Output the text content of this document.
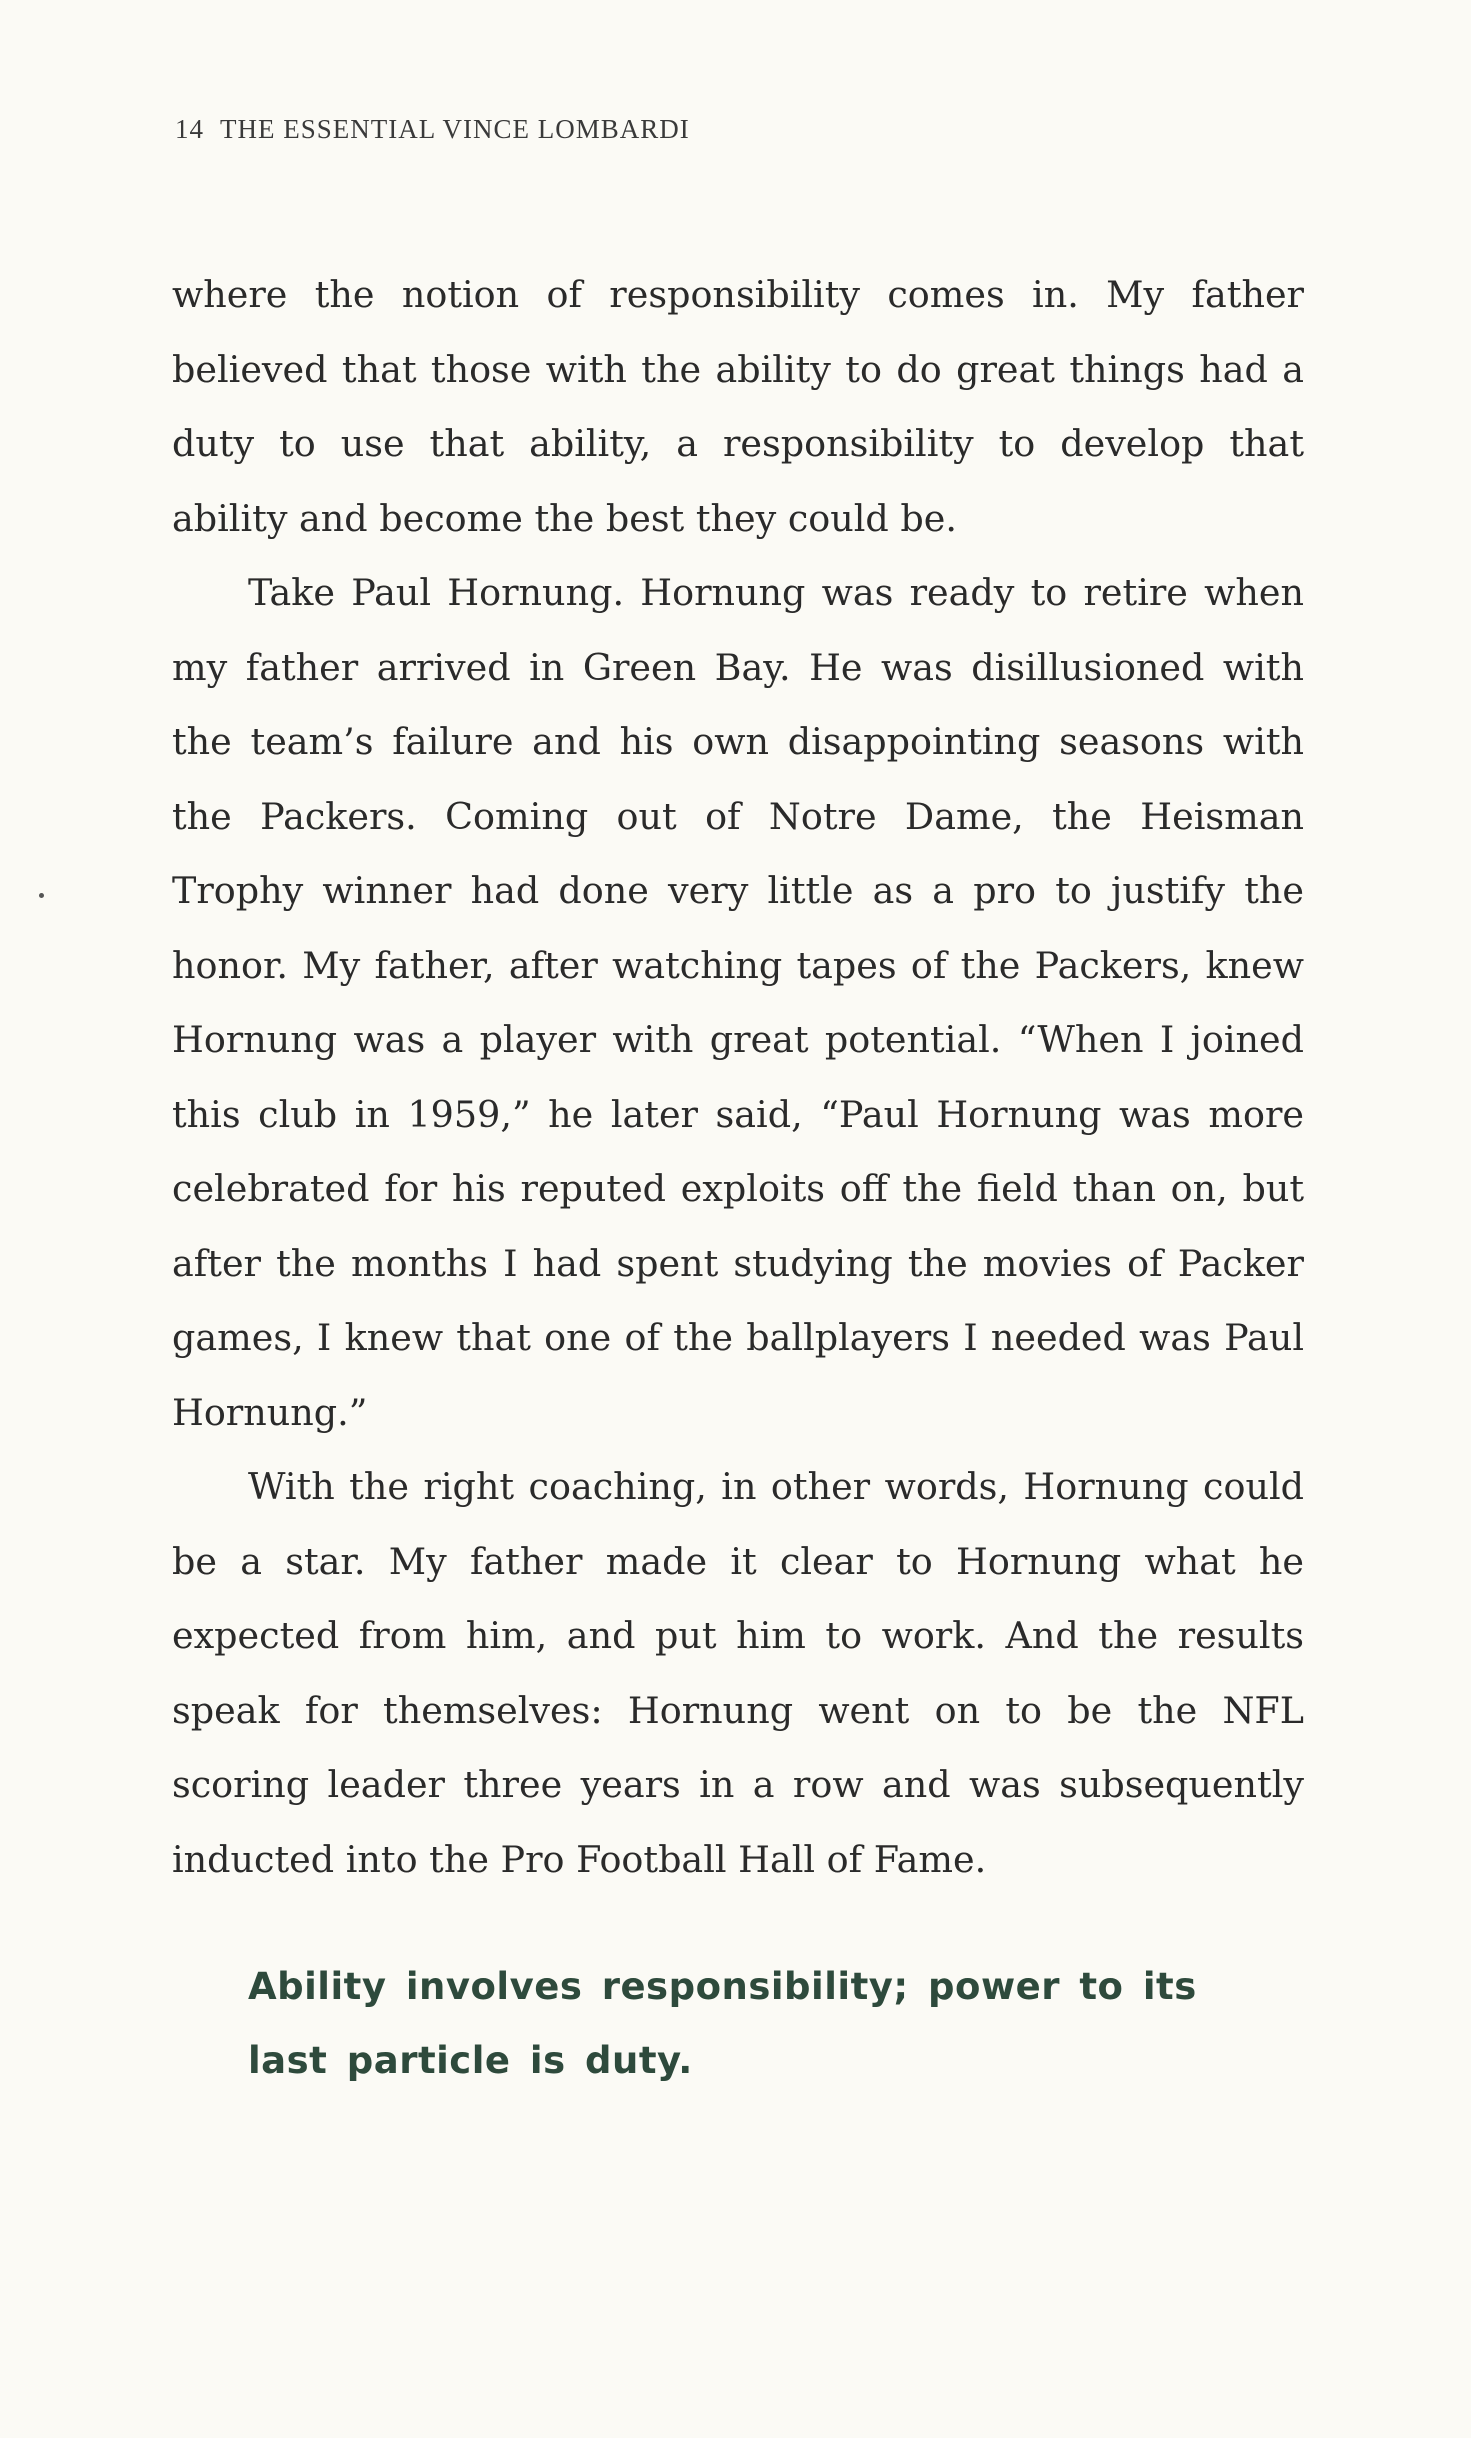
14 THE ESSENTIAL VINCE LOMBARDI

where the notion of responsibility comes in. My father believed that those with the ability to do great things had a duty to use that ability, a responsibility to develop that ability and become the best they could be.

Take Paul Hornung. Hornung was ready to retire when my father arrived in Green Bay. He was disillusioned with the team’s failure and his own disappointing seasons with the Packers. Coming out of Notre Dame, the Heisman Trophy winner had done very little as a pro to justify the honor. My father, after watching tapes of the Packers, knew Hornung was a player with great potential. “When I joined this club in 1959,” he later said, “Paul Hornung was more celebrated for his reputed exploits off the field than on, but after the months I had spent studying the movies of Packer games, I knew that one of the ballplayers I needed was Paul Hornung.”

With the right coaching, in other words, Hornung could be a star. My father made it clear to Hornung what he expected from him, and put him to work. And the results speak for themselves: Hornung went on to be the NFL scoring leader three years in a row and was subsequently inducted into the Pro Football Hall of Fame.

Ability involves responsibility; power to its last particle is duty.
